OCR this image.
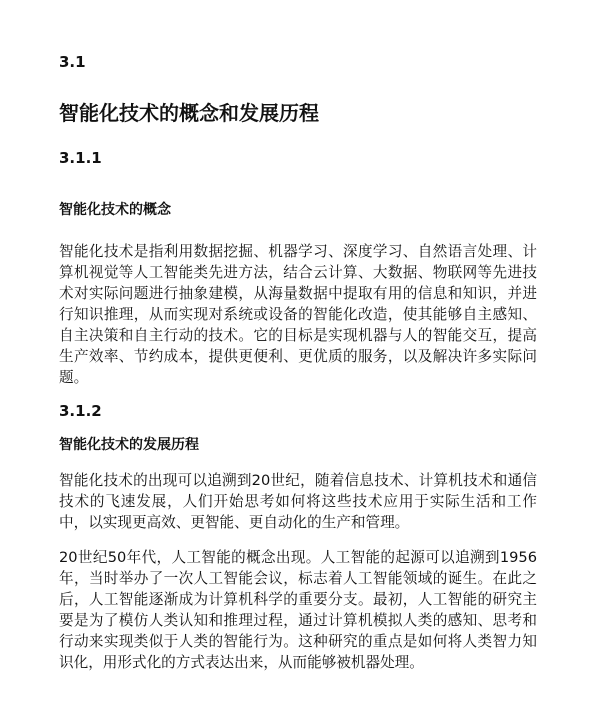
3.1
智能化技术的概念和发展历程
3.1.1
智能化技术的概念

智能化技术是指利用数据挖掘、机器学习、深度学习、自然语言处理、计算机视觉等人工智能类先进方法，结合云计算、大数据、物联网等先进技术对实际问题进行抽象建模，从海量数据中提取有用的信息和知识，并进行知识推理，从而实现对系统或设备的智能化改造，使其能够自主感知、自主决策和自主行动的技术。它的目标是实现机器与人的智能交互，提高生产效率、节约成本，提供更便利、更优质的服务，以及解决许多实际问题。

3.1.2
智能化技术的发展历程

智能化技术的出现可以追溯到20世纪，随着信息技术、计算机技术和通信技术的飞速发展，人们开始思考如何将这些技术应用于实际生活和工作中，以实现更高效、更智能、更自动化的生产和管理。

20世纪50年代，人工智能的概念出现。人工智能的起源可以追溯到1956年，当时举办了一次人工智能会议，标志着人工智能领域的诞生。在此之后，人工智能逐渐成为计算机科学的重要分支。最初，人工智能的研究主要是为了模仿人类认知和推理过程，通过计算机模拟人类的感知、思考和行动来实现类似于人类的智能行为。这种研究的重点是如何将人类智力知识化，用形式化的方式表达出来，从而能够被机器处理。
